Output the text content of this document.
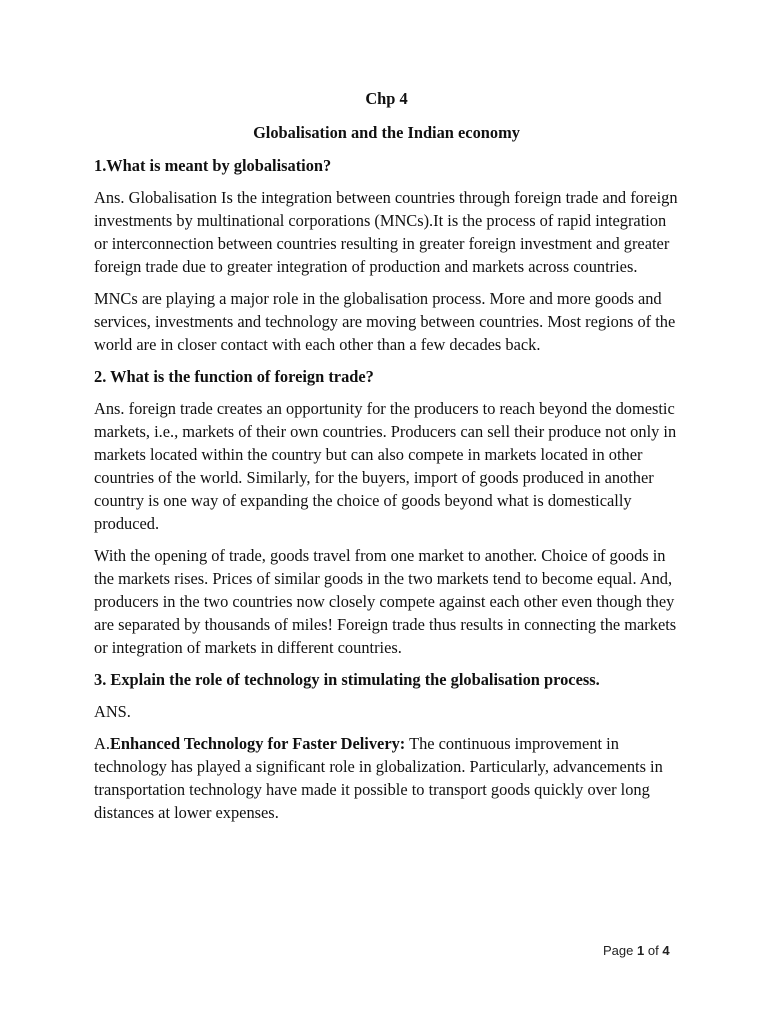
Chp 4

Globalisation and the Indian economy

1.What is meant by globalisation?

Ans. Globalisation Is the integration between countries through foreign trade and foreign investments by multinational corporations (MNCs).It is the process of rapid integration or interconnection between countries resulting in greater foreign investment and greater foreign trade due to greater integration of production and markets across countries.

MNCs are playing a major role in the globalisation process. More and more goods and services, investments and technology are moving between countries. Most regions of the world are in closer contact with each other than a few decades back.

2. What is the function of foreign trade?

Ans. foreign trade creates an opportunity for the producers to reach beyond the domestic markets, i.e., markets of their own countries. Producers can sell their produce not only in markets located within the country but can also compete in markets located in other countries of the world. Similarly, for the buyers, import of goods produced in another country is one way of expanding the choice of goods beyond what is domestically produced.

With the opening of trade, goods travel from one market to another. Choice of goods in the markets rises. Prices of similar goods in the two markets tend to become equal. And, producers in the two countries now closely compete against each other even though they are separated by thousands of miles! Foreign trade thus results in connecting the markets or integration of markets in different countries.

3. Explain the role of technology in stimulating the globalisation process.

ANS.

A.Enhanced Technology for Faster Delivery: The continuous improvement in technology has played a significant role in globalization. Particularly, advancements in transportation technology have made it possible to transport goods quickly over long distances at lower expenses.

Page 1 of 4
